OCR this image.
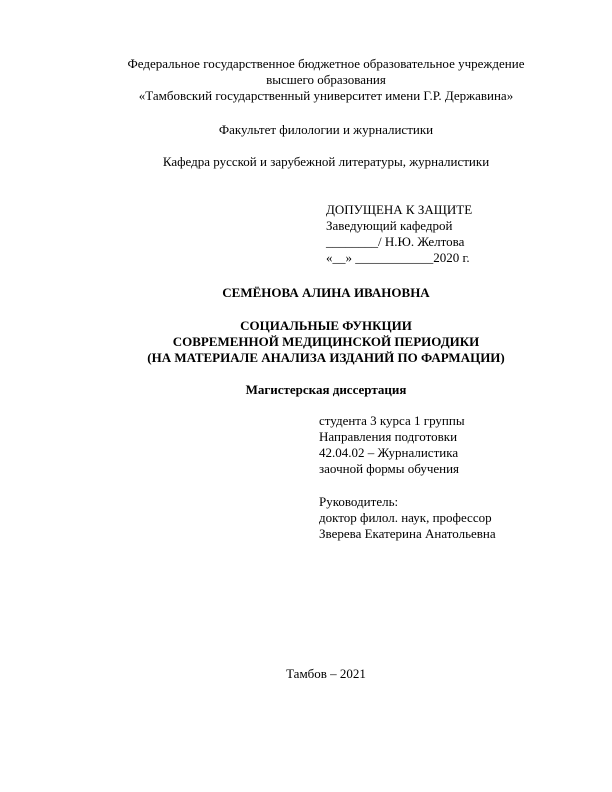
Федеральное государственное бюджетное образовательное учреждение
высшего образования
«Тамбовский государственный университет имени Г.Р. Державина»
Факультет филологии и журналистики
Кафедра русской и зарубежной литературы, журналистики
ДОПУЩЕНА К ЗАЩИТЕ
Заведующий кафедрой
________/ Н.Ю. Желтова
«__» ____________2020 г.
СЕМЁНОВА АЛИНА ИВАНОВНА
СОЦИАЛЬНЫЕ ФУНКЦИИ
СОВРЕМЕННОЙ МЕДИЦИНСКОЙ ПЕРИОДИКИ
(НА МАТЕРИАЛЕ АНАЛИЗА ИЗДАНИЙ ПО ФАРМАЦИИ)
Магистерская диссертация
студента 3 курса 1 группы
Направления подготовки
42.04.02 – Журналистика
заочной формы обучения
Руководитель:
доктор филол. наук, профессор
Зверева Екатерина Анатольевна
Тамбов – 2021
